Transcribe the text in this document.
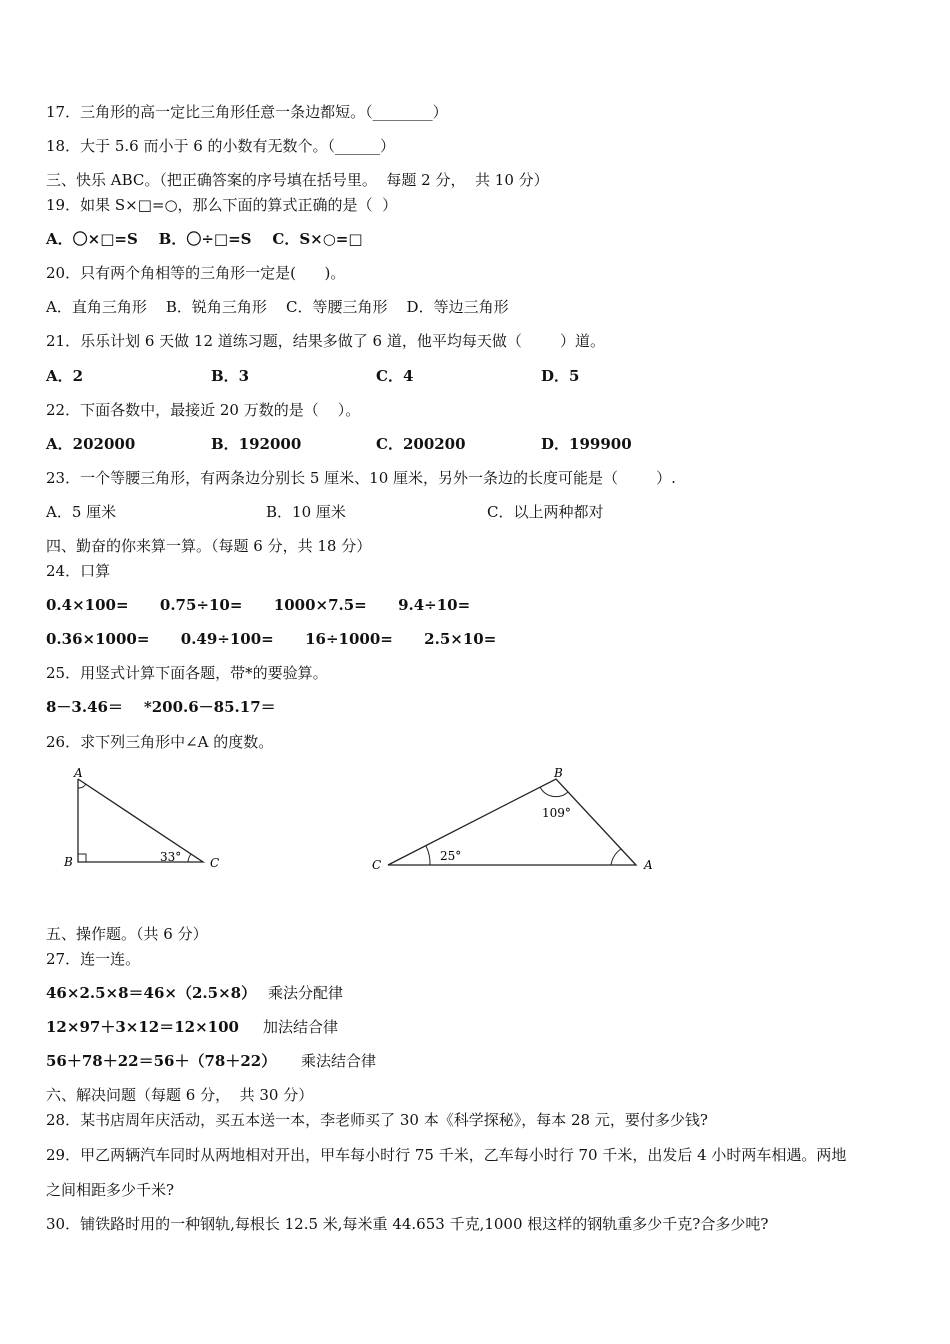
17．三角形的高一定比三角形任意一条边都短。（________）
18．大于 5.6 而小于 6 的小数有无数个。（______）
三、快乐 ABC。（把正确答案的序号填在括号里。  每题 2 分，  共 10 分）
19．如果 S×□=○，那么下面的算式正确的是（  ）
A．〇×□=S    B．〇÷□=S    C．S×○=□
20．只有两个角相等的三角形一定是(      )。
A．直角三角形    B．锐角三角形    C．等腰三角形    D．等边三角形
21．乐乐计划 6 天做 12 道练习题，结果多做了 6 道，他平均每天做（        ）道。
A．2	B．3	C．4	D．5
22．下面各数中，最接近 20 万数的是（    ）。
A．202000	B．192000	C．200200	D．199900
23．一个等腰三角形，有两条边分别长 5 厘米、10 厘米，另外一条边的长度可能是（        ）.
A．5 厘米	B．10 厘米	C．以上两种都对
四、勤奋的你来算一算。（每题 6 分，共 18 分）
24．口算
0.4×100=      0.75÷10=      1000×7.5=      9.4÷10=
0.36×1000=      0.49÷100=      16÷1000=      2.5×10=
25．用竖式计算下面各题，带*的要验算。
8－3.46＝    *200.6－85.17＝
26．求下列三角形中∠A 的度数。
A
B	C
33°
B
C	A
109°
25°
五、操作题。（共 6 分）
27．连一连。
46×2.5×8＝46×（2.5×8） 乘法分配律
12×97＋3×12＝12×100 加法结合律
56＋78＋22＝56＋（78＋22） 乘法结合律
六、解决问题（每题 6 分，  共 30 分）
28．某书店周年庆活动，买五本送一本，李老师买了 30 本《科学探秘》，每本 28 元，要付多少钱?
29．甲乙两辆汽车同时从两地相对开出，甲车每小时行 75 千米，乙车每小时行 70 千米，出发后 4 小时两车相遇。两地
之间相距多少千米?
30．铺铁路时用的一种钢轨,每根长 12.5 米,每米重 44.653 千克,1000 根这样的钢轨重多少千克?合多少吨?
